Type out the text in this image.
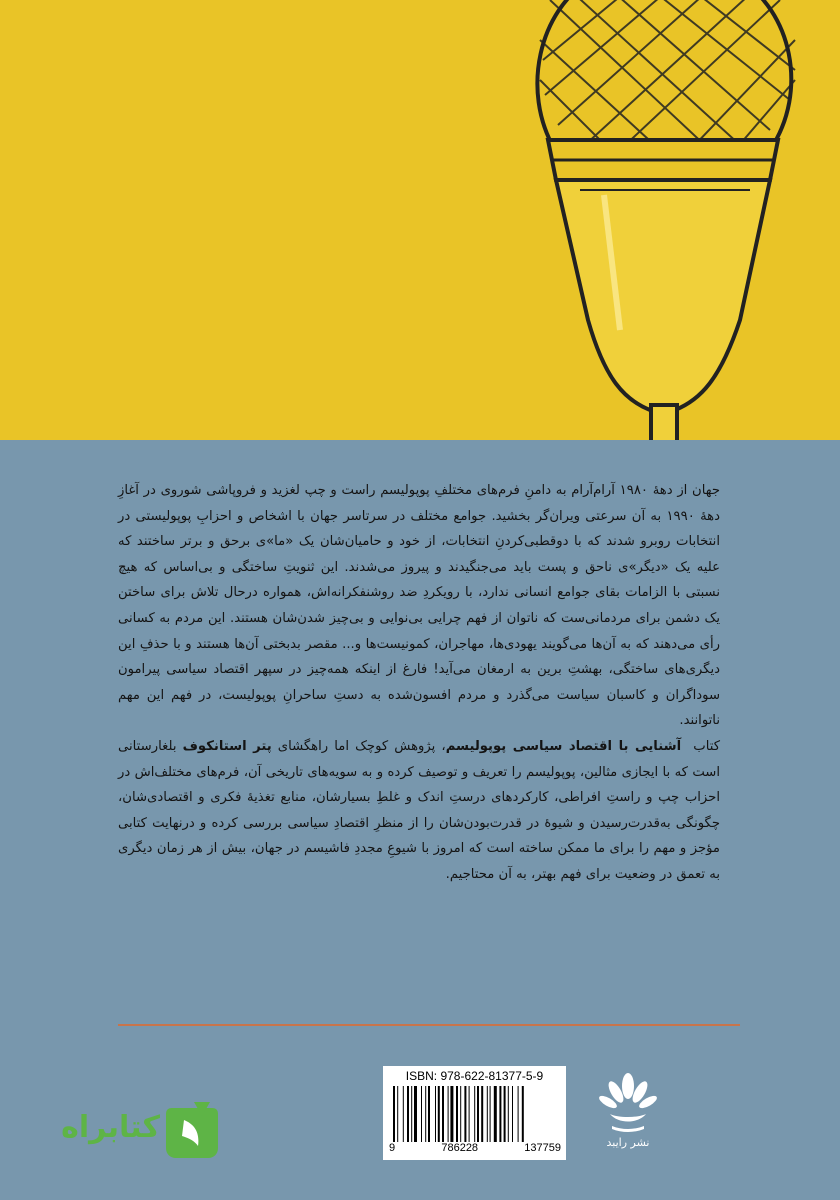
جهان از دههٔ ۱۹۸۰ آرام‌آرام به دامنِ فرم‌های مختلفِ پوپولیسم راست و چپ لغزید و فروپاشی شوروی در آغازِ دههٔ ۱۹۹۰ به آن سرعتی ویران‌گر بخشید. جوامع مختلف در سرتاسر جهان با اشخاص و احزابِ پوپولیستی در انتخابات روبرو شدند که با دوقطبی‌کردنِ انتخابات، از خود و حامیان‌شان یک «ما»ی برحق و برتر ساختند که علیه یک «دیگر»ی ناحق و پست باید می‌جنگیدند و پیروز می‌شدند. این ثنویتِ ساختگی و بی‌اساس که هیچ نسبتی با الزامات بقای جوامع انسانی ندارد، با رویکردِ ضد روشنفکرانه‌اش، همواره درحال تلاش برای ساختن یک دشمن برای مردمانی‌ست که ناتوان از فهم چرایی بی‌نوایی و بی‌چیز شدن‌شان هستند. این مردم به کسانی رأی می‌دهند که به آن‌ها می‌گویند یهودی‌ها، مهاجران، کمونیست‌ها و... مقصر بدبختی آن‌ها هستند و با حذفِ این دیگری‌های ساختگی، بهشتِ برین به ارمغان می‌آید! فارغ از اینکه همه‌چیز در سپهر اقتصاد سیاسی پیرامون سوداگران و کاسبان سیاست می‌گذرد و مردم افسون‌شده به دستِ ساحرانِ پوپولیست، در فهم این مهم ناتوانند.

کتاب  آشنایی با اقتصاد سیاسی پوپولیسم، پژوهش کوچک اما راهگشای پتر استانکوف بلغارستانی است که با ایجازی مثالین، پوپولیسم را تعریف و توصیف کرده و به سویه‌های تاریخی آن، فرم‌های مختلف‌اش در احزاب چپ و راستِ افراطی، کارکردهای درستِ اندک و غلطِ بسیارشان، منابع تغذیهٔ فکری و اقتصادی‌شان، چگونگی به‌قدرت‌رسیدن و شیوهٔ در قدرت‌بودن‌شان را از منظرِ اقتصادِ سیاسی بررسی کرده و درنهایت کتابی مؤجز و مهم را برای ما ممکن ساخته است که امروز با شیوعِ مجددِ فاشیسم در جهان، بیش از هر زمان دیگری به تعمق در وضعیت برای فهم بهتر، به آن محتاجیم.

ISBN: 978-622-81377-5-9
9	786228	137759	نشر رایبد
کتابراه
